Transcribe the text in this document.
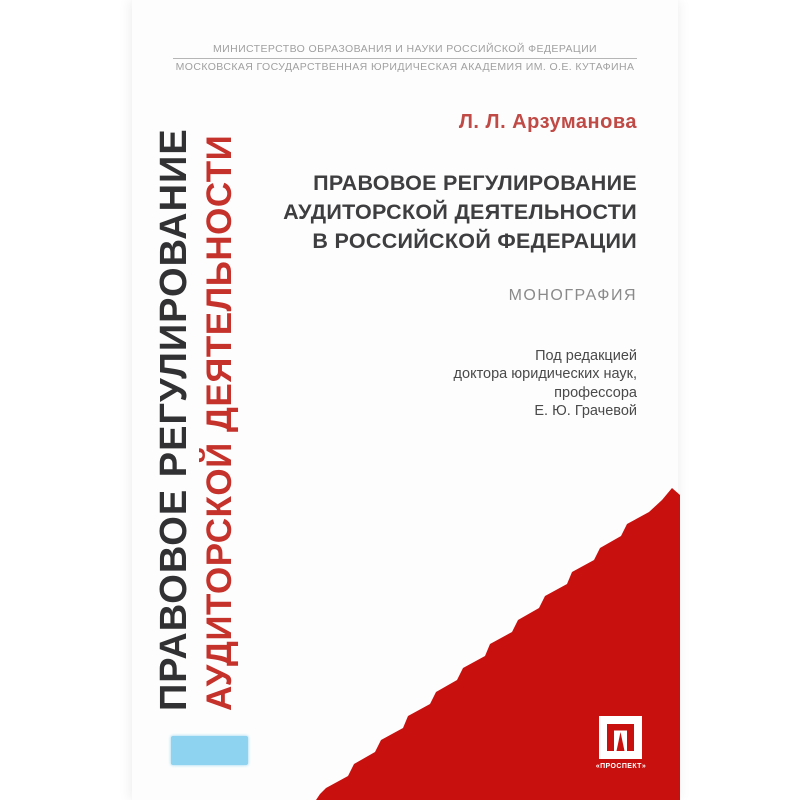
МИНИСТЕРСТВО ОБРАЗОВАНИЯ И НАУКИ РОССИЙСКОЙ ФЕДЕРАЦИИ
МОСКОВСКАЯ ГОСУДАРСТВЕННАЯ ЮРИДИЧЕСКАЯ АКАДЕМИЯ ИМ. О.Е. КУТАФИНА
Л. Л. Арзуманова
ПРАВОВОЕ РЕГУЛИРОВАНИЕ
АУДИТОРСКОЙ ДЕЯТЕЛЬНОСТИ
В РОССИЙСКОЙ ФЕДЕРАЦИИ
МОНОГРАФИЯ
Под редакцией
доктора юридических наук,
профессора
Е. Ю. Грачевой
ПРАВОВОЕ РЕГУЛИРОВАНИЕ АУДИТОРСКОЙ ДЕЯТЕЛЬНОСТИ
«ПРОСПЕКТ»
